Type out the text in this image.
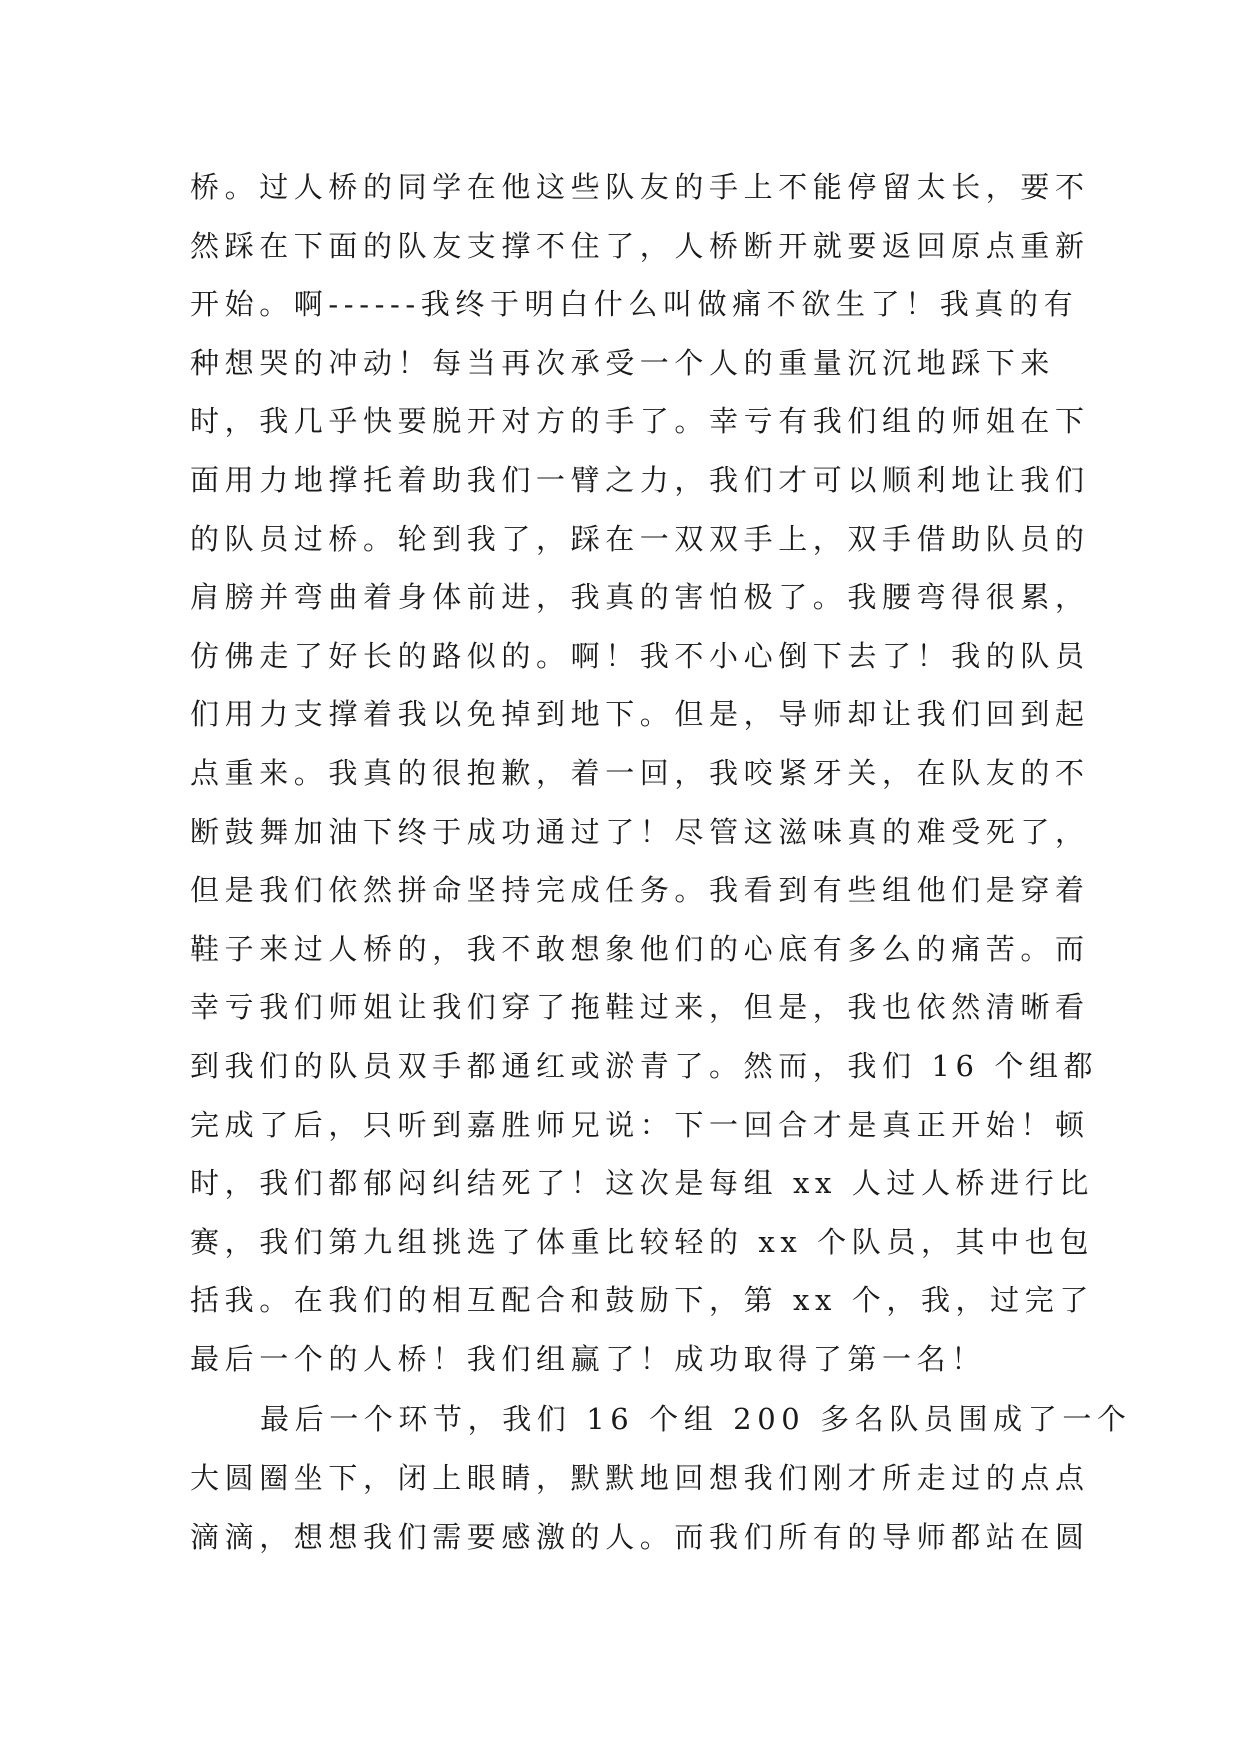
桥。过人桥的同学在他这些队友的手上不能停留太长，要不
然踩在下面的队友支撑不住了，人桥断开就要返回原点重新
开始。啊------我终于明白什么叫做痛不欲生了！我真的有
种想哭的冲动！每当再次承受一个人的重量沉沉地踩下来
时，我几乎快要脱开对方的手了。幸亏有我们组的师姐在下
面用力地撑托着助我们一臂之力，我们才可以顺利地让我们
的队员过桥。轮到我了，踩在一双双手上，双手借助队员的
肩膀并弯曲着身体前进，我真的害怕极了。我腰弯得很累，
仿佛走了好长的路似的。啊！我不小心倒下去了！我的队员
们用力支撑着我以免掉到地下。但是，导师却让我们回到起
点重来。我真的很抱歉，着一回，我咬紧牙关，在队友的不
断鼓舞加油下终于成功通过了！尽管这滋味真的难受死了，
但是我们依然拼命坚持完成任务。我看到有些组他们是穿着
鞋子来过人桥的，我不敢想象他们的心底有多么的痛苦。而
幸亏我们师姐让我们穿了拖鞋过来，但是，我也依然清晰看
到我们的队员双手都通红或淤青了。然而，我们 16 个组都
完成了后，只听到嘉胜师兄说：下一回合才是真正开始！顿
时，我们都郁闷纠结死了！这次是每组 xx 人过人桥进行比
赛，我们第九组挑选了体重比较轻的 xx 个队员，其中也包
括我。在我们的相互配合和鼓励下，第 xx 个，我，过完了
最后一个的人桥！我们组赢了！成功取得了第一名！
最后一个环节，我们 16 个组 200 多名队员围成了一个
大圆圈坐下，闭上眼睛，默默地回想我们刚才所走过的点点
滴滴，想想我们需要感激的人。而我们所有的导师都站在圆
